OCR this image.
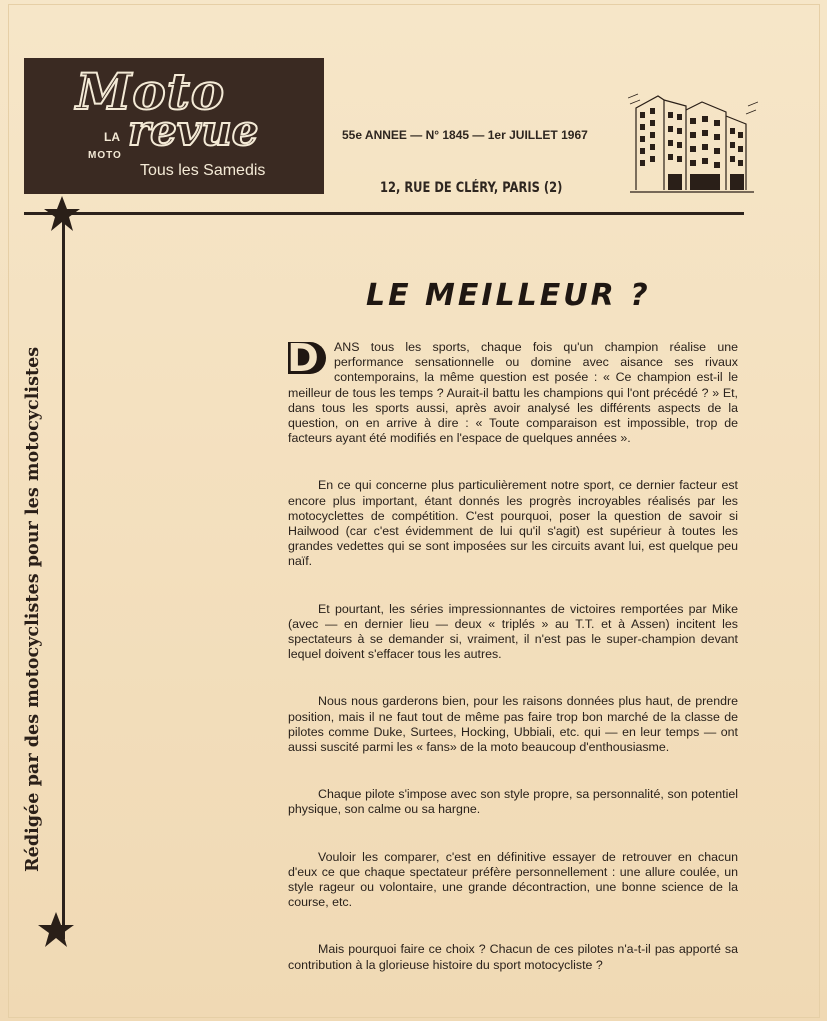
Moto
LA revue
MOTO
Tous les Samedis
55e ANNEE — N° 1845 — 1er JUILLET 1967
12, RUE DE CLÉRY, PARIS (2)
Rédigée par des motocyclistes pour les motocyclistes
LE MEILLEUR ?

D	ANS tous les sports, chaque fois qu'un champion réalise une performance sensationnelle ou domine avec aisance ses rivaux contemporains, la même question est posée : « Ce champion est-il le meilleur de tous les temps ? Aurait-il battu les champions qui l'ont précédé ? » Et, dans tous les sports aussi, après avoir analysé les différents aspects de la question, on en arrive à dire : « Toute comparaison est impossible, trop de facteurs ayant été modifiés en l'espace de quelques années ».

En ce qui concerne plus particulièrement notre sport, ce dernier facteur est encore plus important, étant donnés les progrès incroyables réalisés par les motocyclettes de compétition. C'est pourquoi, poser la question de savoir si Hailwood (car c'est évidemment de lui qu'il s'agit) est supérieur à toutes les grandes vedettes qui se sont imposées sur les circuits avant lui, est quelque peu naïf.

Et pourtant, les séries impressionnantes de victoires remportées par Mike (avec — en dernier lieu — deux « triplés » au T.T. et à Assen) incitent les spectateurs à se demander si, vraiment, il n'est pas le super-champion devant lequel doivent s'effacer tous les autres.

Nous nous garderons bien, pour les raisons données plus haut, de prendre position, mais il ne faut tout de même pas faire trop bon marché de la classe de pilotes comme Duke, Surtees, Hocking, Ubbiali, etc. qui — en leur temps — ont aussi suscité parmi les « fans» de la moto beaucoup d'enthousiasme.

Chaque pilote s'impose avec son style propre, sa personnalité, son potentiel physique, son calme ou sa hargne.

Vouloir les comparer, c'est en définitive essayer de retrouver en chacun d'eux ce que chaque spectateur préfère personnellement : une allure coulée, un style rageur ou volontaire, une grande décontraction, une bonne science de la course, etc.

Mais pourquoi faire ce choix ? Chacun de ces pilotes n'a-t-il pas apporté sa contribution à la glorieuse histoire du sport motocycliste ?
